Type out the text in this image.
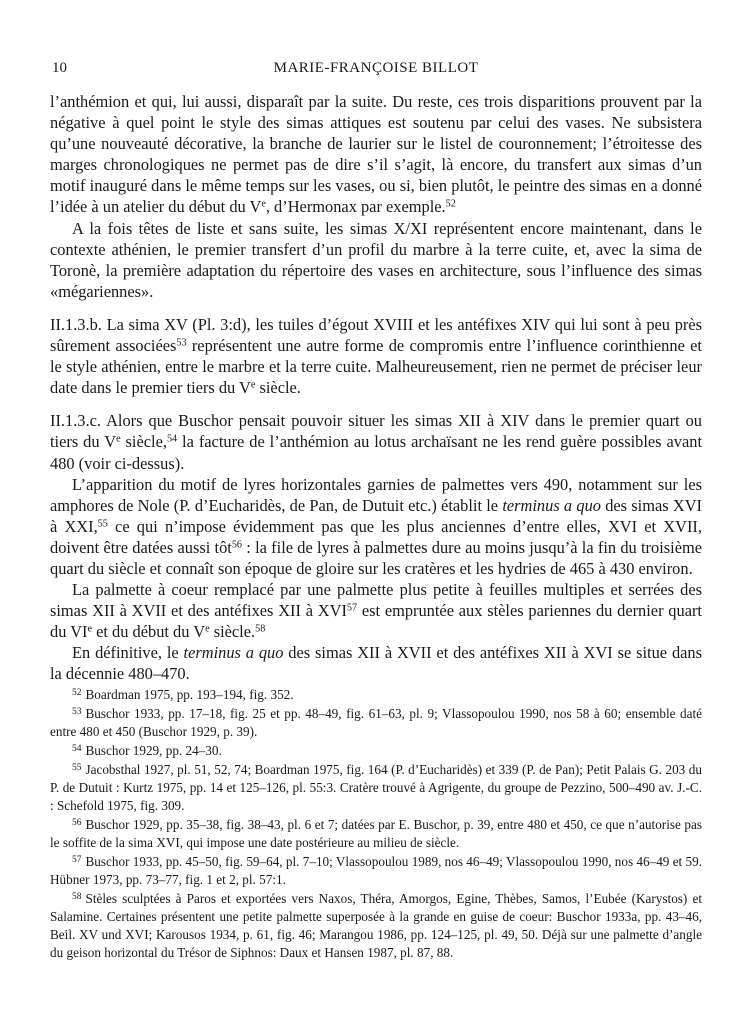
10	MARIE-FRANÇOISE BILLOT

l’anthémion et qui, lui aussi, disparaît par la suite. Du reste, ces trois disparitions prouvent par la négative à quel point le style des simas attiques est soutenu par celui des vases. Ne subsistera qu’une nouveauté décorative, la branche de laurier sur le listel de couronnement; l’étroitesse des marges chronologiques ne permet pas de dire s’il s’agit, là encore, du transfert aux simas d’un motif inauguré dans le même temps sur les vases, ou si, bien plutôt, le peintre des simas en a donné l’idée à un atelier du début du Ve, d’Hermonax par exemple.$^{52}$

A la fois têtes de liste et sans suite, les simas X/XI représentent encore maintenant, dans le contexte athénien, le premier transfert d’un profil du marbre à la terre cuite, et, avec la sima de Toronè, la première adaptation du répertoire des vases en architecture, sous l’influence des simas «mégariennes».

II.1.3.b. La sima XV (Pl. 3:d), les tuiles d’égout XVIII et les antéfixes XIV qui lui sont à peu près sûrement associées$^{53}$ représentent une autre forme de compromis entre l’influence corinthienne et le style athénien, entre le marbre et la terre cuite. Malheureusement, rien ne permet de préciser leur date dans le premier tiers du Ve siècle.

II.1.3.c. Alors que Buschor pensait pouvoir situer les simas XII à XIV dans le premier quart ou tiers du Ve siècle,$^{54}$ la facture de l’anthémion au lotus archaïsant ne les rend guère possibles avant 480 (voir ci-dessus).

L’apparition du motif de lyres horizontales garnies de palmettes vers 490, notamment sur les amphores de Nole (P. d’Eucharidès, de Pan, de Dutuit etc.) établit le terminus a quo des simas XVI à XXI,$^{55}$ ce qui n’impose évidemment pas que les plus anciennes d’entre elles, XVI et XVII, doivent être datées aussi tôt$^{56}$ : la file de lyres à palmettes dure au moins jusqu’à la fin du troisième quart du siècle et connaît son époque de gloire sur les cratères et les hydries de 465 à 430 environ.

La palmette à coeur remplacé par une palmette plus petite à feuilles multiples et serrées des simas XII à XVII et des antéfixes XII à XVI$^{57}$ est empruntée aux stèles pariennes du dernier quart du VIe et du début du Ve siècle.$^{58}$

En définitive, le terminus a quo des simas XII à XVII et des antéfixes XII à XVI se situe dans la décennie 480–470.

$^{52}$ Boardman 1975, pp. 193–194, fig. 352.

$^{53}$ Buschor 1933, pp. 17–18, fig. 25 et pp. 48–49, fig. 61–63, pl. 9; Vlassopoulou 1990, nos 58 à 60; ensemble daté entre 480 et 450 (Buschor 1929, p. 39).

$^{54}$ Buschor 1929, pp. 24–30.

$^{55}$ Jacobsthal 1927, pl. 51, 52, 74; Boardman 1975, fig. 164 (P. d’Eucharidès) et 339 (P. de Pan); Petit Palais G. 203 du P. de Dutuit : Kurtz 1975, pp. 14 et 125–126, pl. 55:3. Cratère trouvé à Agrigente, du groupe de Pezzino, 500–490 av. J.-C. : Schefold 1975, fig. 309.

$^{56}$ Buschor 1929, pp. 35–38, fig. 38–43, pl. 6 et 7; datées par E. Buschor, p. 39, entre 480 et 450, ce que n’autorise pas le soffite de la sima XVI, qui impose une date postérieure au milieu de siècle.

$^{57}$ Buschor 1933, pp. 45–50, fig. 59–64, pl. 7–10; Vlassopoulou 1989, nos 46–49; Vlassopoulou 1990, nos 46–49 et 59. Hübner 1973, pp. 73–77, fig. 1 et 2, pl. 57:1.

$^{58}$ Stèles sculptées à Paros et exportées vers Naxos, Théra, Amorgos, Egine, Thèbes, Samos, l’Eubée (Karystos) et Salamine. Certaines présentent une petite palmette superposée à la grande en guise de coeur: Buschor 1933a, pp. 43–46, Beil. XV und XVI; Karousos 1934, p. 61, fig. 46; Marangou 1986, pp. 124–125, pl. 49, 50. Déjà sur une palmette d’angle du geison horizontal du Trésor de Siphnos: Daux et Hansen 1987, pl. 87, 88.
